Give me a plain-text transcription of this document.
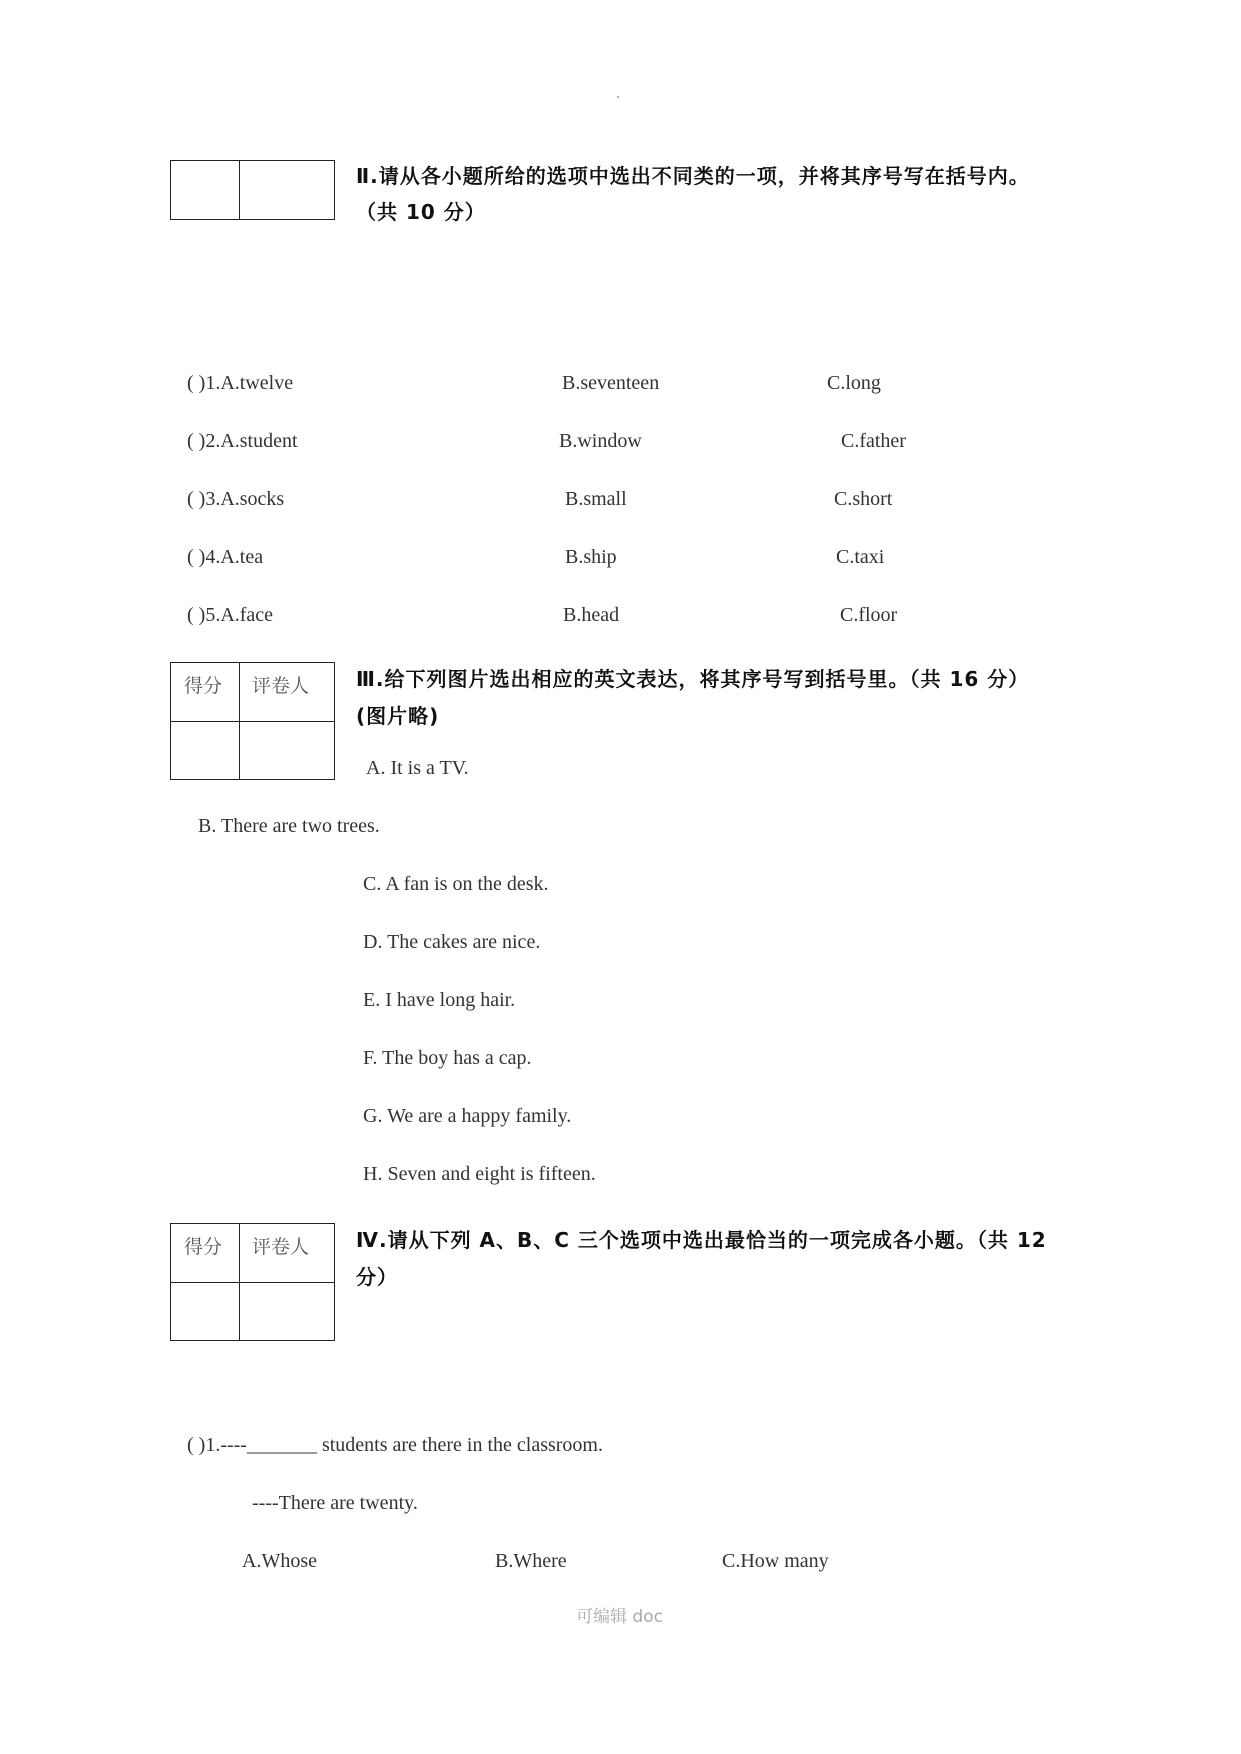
Ⅱ.请从各小题所给的选项中选出不同类的一项，并将其序号写在括号内。
（共 10 分）
( )1.A.twelve	B.seventeen	C.long
( )2.A.student	B.window	C.father
( )3.A.socks	B.small	C.short
( )4.A.tea	B.ship	C.taxi
( )5.A.face	B.head	C.floor
得分 评卷人 Ⅲ.给下列图片选出相应的英文表达，将其序号写到括号里。（共 16 分）
(图片略)
A. It is a TV.
B. There are two trees.
C. A fan is on the desk.
D. The cakes are nice.
E. I have long hair.
F. The boy has a cap.
G. We are a happy family.
H. Seven and eight is fifteen.
得分 评卷人 Ⅳ.请从下列 A、B、C 三个选项中选出最恰当的一项完成各小题。（共 12
分）
( )1.----_______ students are there in the classroom.
----There are twenty.
A.Whose	B.Where	C.How many
可编辑 doc
